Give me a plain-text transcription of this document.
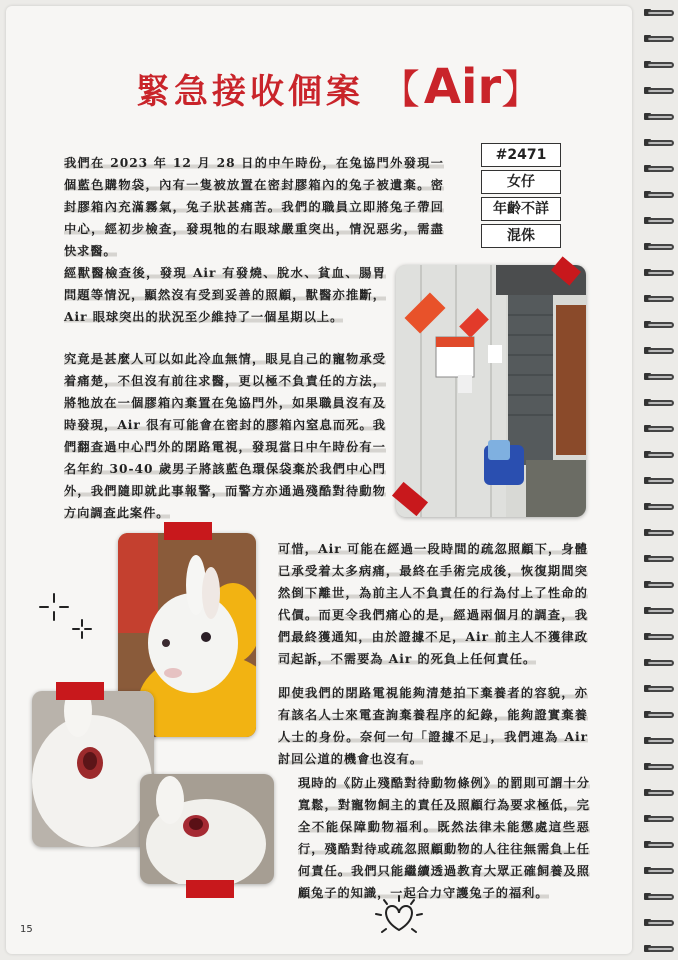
緊急接收個案 【Air】
#2471
女仔
年齡不詳
混侏
我們在 2023 年 12 月 28 日的中午時份，在兔協門外發現一個藍色購物袋，內有一隻被放置在密封膠箱內的兔子被遺棄。密封膠箱內充滿霧氣，兔子狀甚痛苦。我們的職員立即將兔子帶回中心，經初步檢查，發現牠的右眼球嚴重突出，情況惡劣，需盡快求醫。
經獸醫檢查後，發現 Air 有發燒、脫水、貧血、腸胃問題等情況，顯然沒有受到妥善的照顧，獸醫亦推斷，Air 眼球突出的狀況至少維持了一個星期以上。
究竟是甚麼人可以如此冷血無情，眼見自己的寵物承受着痛楚，不但沒有前往求醫，更以極不負責任的方法，將牠放在一個膠箱內棄置在兔協門外，如果職員沒有及時發現，Air 很有可能會在密封的膠箱內窒息而死。我們翻查過中心門外的閉路電視，發現當日中午時份有一名年約 30-40 歲男子將該藍色環保袋棄於我們中心門外，我們隨即就此事報警，而警方亦通過殘酷對待動物方向調查此案件。
可惜，Air 可能在經過一段時間的疏忽照顧下，身體已承受着太多病痛，最終在手術完成後，恢復期間突然倒下離世，為前主人不負責任的行為付上了性命的代價。而更令我們痛心的是，經過兩個月的調查，我們最終獲通知，由於證據不足，Air 前主人不獲律政司起訴，不需要為 Air 的死負上任何責任。
即使我們的閉路電視能夠清楚拍下棄養者的容貌，亦有該名人士來電查詢棄養程序的紀錄，能夠證實棄養人士的身份。奈何一句「證據不足」，我們連為 Air 討回公道的機會也沒有。
現時的《防止殘酷對待動物條例》的罰則可謂十分寬鬆，對寵物飼主的責任及照顧行為要求極低，完全不能保障動物福利。既然法律未能懲處這些惡行，殘酷對待或疏忽照顧動物的人往往無需負上任何責任。我們只能繼續透過教育大眾正確飼養及照顧兔子的知識，一起合力守護兔子的福利。
15
